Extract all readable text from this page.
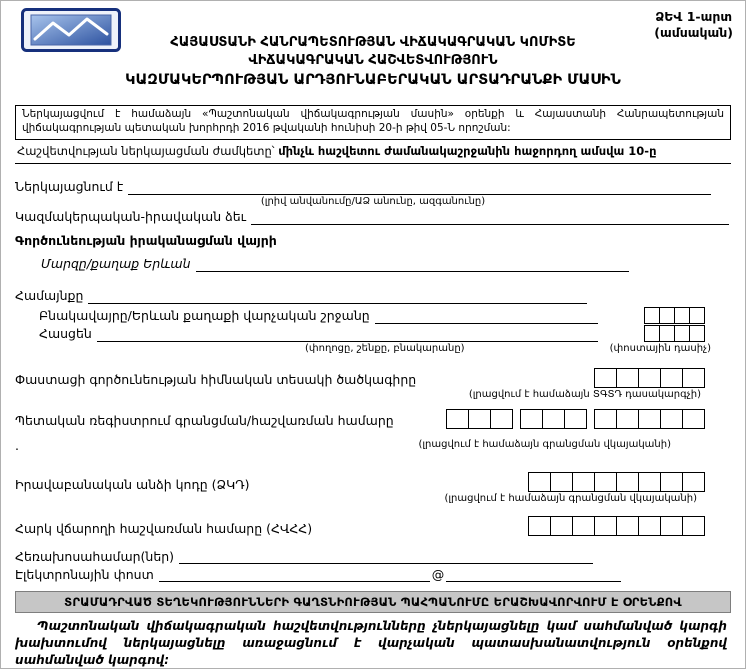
ՁԵՎ 1-արտ
(ամսական)
ՀԱՅԱՍՏԱՆԻ ՀԱՆՐԱՊԵՏՈՒԹՅԱՆ ՎԻՃԱԿԱԳՐԱԿԱՆ ԿՈՄԻՏԵ
ՎԻՃԱԿԱԳՐԱԿԱՆ ՀԱՇՎԵՏՎՈՒԹՅՈՒՆ
ԿԱԶՄԱԿԵՐՊՈՒԹՅԱՆ ԱՐԴՅՈՒՆԱԲԵՐԱԿԱՆ ԱՐՏԱԴՐԱՆՔԻ ՄԱՍԻՆ
Ներկայացվում է համաձայն «Պաշտոնական վիճակագրության մասին» օրենքի և Հայաստանի Հանրապետության վիճակագրության պետական խորհրդի 2016 թվականի հունիսի 20-ի թիվ 05-Ն որոշման:
Հաշվետվության ներկայացման ժամկետը՝ մինչև հաշվետու ժամանակաշրջանին հաջորդող ամսվա 10-ը
Ներկայացնում է
(լրիվ անվանումը/ԱՁ անունը, ազգանունը)
Կազմակերպական-իրավական ձեւ
Գործունեության իրականացման վայրի
Մարզը/քաղաք Երևան
Համայնքը
Բնակավայրը/Երևան քաղաքի վարչական շրջանը
Հասցեն
(փողոցը, շենքը, բնակարանը)	(փոստային դասիչ)
Փաստացի գործունեության հիմնական տեսակի ծածկագիրը
(լրացվում է համաձայն ՏԳՏԴ դասակարգչի)
Պետական ռեգիստրում գրանցման/հաշվառման համարը
.	(լրացվում է համաձայն գրանցման վկայականի)
Իրավաբանական անձի կոդը (ՁԿԴ)
(լրացվում է համաձայն գրանցման վկայականի)
Հարկ վճարողի հաշվառման համարը (ՀՎՀՀ)
Հեռախոսահամար(ներ)
Էլեկտրոնային փոստ	@
ՏՐԱՄԱԴՐՎԱԾ ՏԵՂԵԿՈՒԹՅՈՒՆՆԵՐԻ ԳԱՂՏՆԻՈՒԹՅԱՆ ՊԱՀՊԱՆՈՒՄԸ ԵՐԱՇԽԱՎՈՐՎՈՒՄ Է ՕՐԵՆՔՈՎ
Պաշտոնական վիճակագրական հաշվետվությունները չներկայացնելը կամ սահմանված կարգի խախտումով ներկայացնելը առաջացնում է վարչական պատասխանատվություն օրենքով սահմանված կարգով:
